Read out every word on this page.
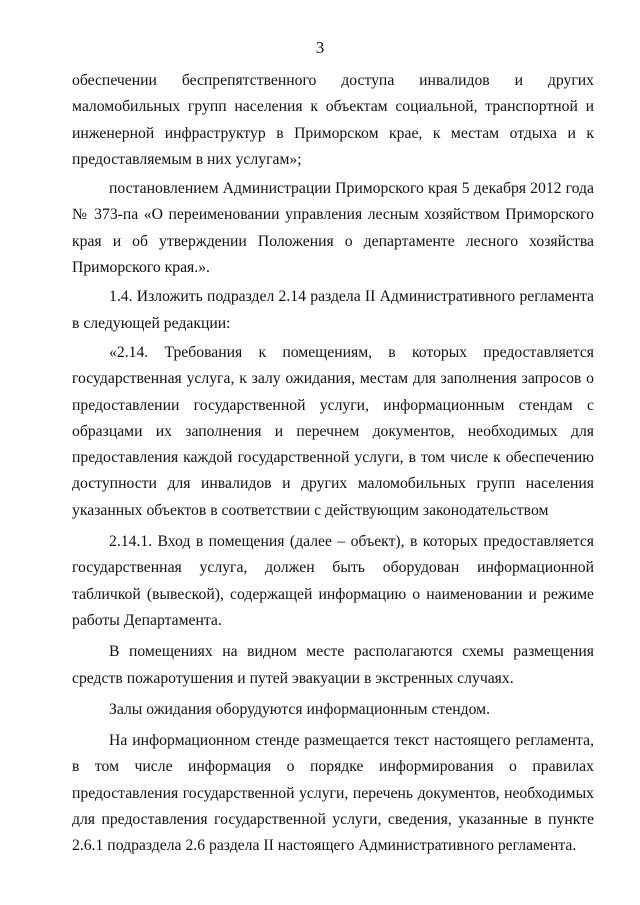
3

обеспечении беспрепятственного доступа инвалидов и других маломобильных групп населения к объектам социальной, транспортной и инженерной инфраструктур в Приморском крае, к местам отдыха и к предоставляемым в них услугам»;

постановлением Администрации Приморского края 5 декабря 2012 года № 373-па «О переименовании управления лесным хозяйством Приморского края и об утверждении Положения о департаменте лесного хозяйства Приморского края.».

1.4. Изложить подраздел 2.14 раздела II Административного регламента в следующей редакции:

«2.14. Требования к помещениям, в которых предоставляется государственная услуга, к залу ожидания, местам для заполнения запросов о предоставлении государственной услуги, информационным стендам с образцами их заполнения и перечнем документов, необходимых для предоставления каждой государственной услуги, в том числе к обеспечению доступности для инвалидов и других маломобильных групп населения указанных объектов в соответствии с действующим законодательством

2.14.1. Вход в помещения (далее – объект), в которых предоставляется государственная услуга, должен быть оборудован информационной табличкой (вывеской), содержащей информацию о наименовании и режиме работы Департамента.

В помещениях на видном месте располагаются схемы размещения средств пожаротушения и путей эвакуации в экстренных случаях.

Залы ожидания оборудуются информационным стендом.

На информационном стенде размещается текст настоящего регламента, в том числе информация о порядке информирования о правилах предоставления государственной услуги, перечень документов, необходимых для предоставления государственной услуги, сведения, указанные в пункте 2.6.1 подраздела 2.6 раздела II настоящего Административного регламента.
